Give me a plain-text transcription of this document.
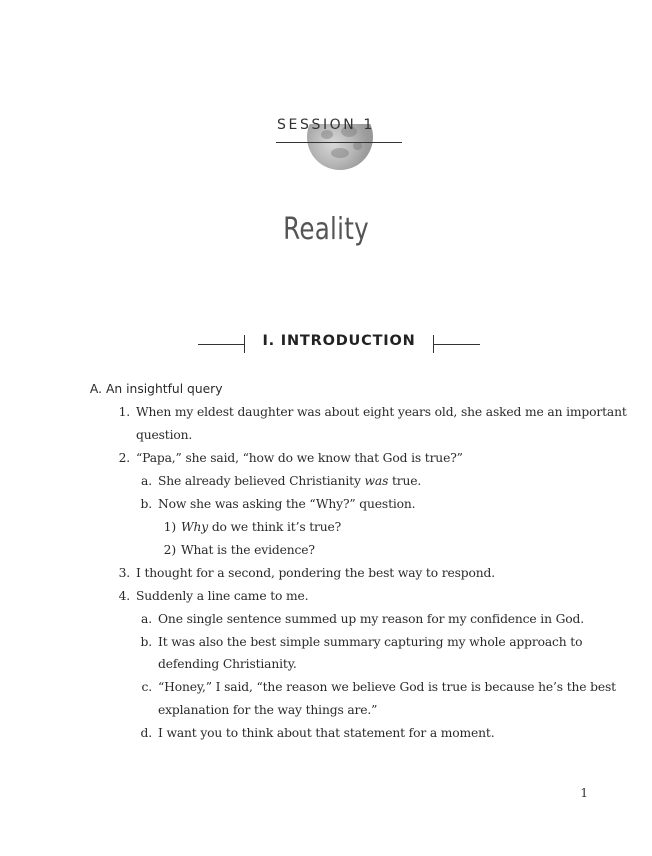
SESSION 1
Reality
I. INTRODUCTION
A. An insightful query
1. When my eldest daughter was about eight years old, she asked me an important
question.
2. “Papa,” she said, “how do we know that God is true?”
a. She already believed Christianity was true.
b. Now she was asking the “Why?” question.
1) Why do we think it’s true?
2) What is the evidence?
3. I thought for a second, pondering the best way to respond.
4. Suddenly a line came to me.
a. One single sentence summed up my reason for my confidence in God.
b. It was also the best simple summary capturing my whole approach to
defending Christianity.
c. “Honey,” I said, “the reason we believe God is true is because he’s the best
explanation for the way things are.”
d. I want you to think about that statement for a moment.
1
